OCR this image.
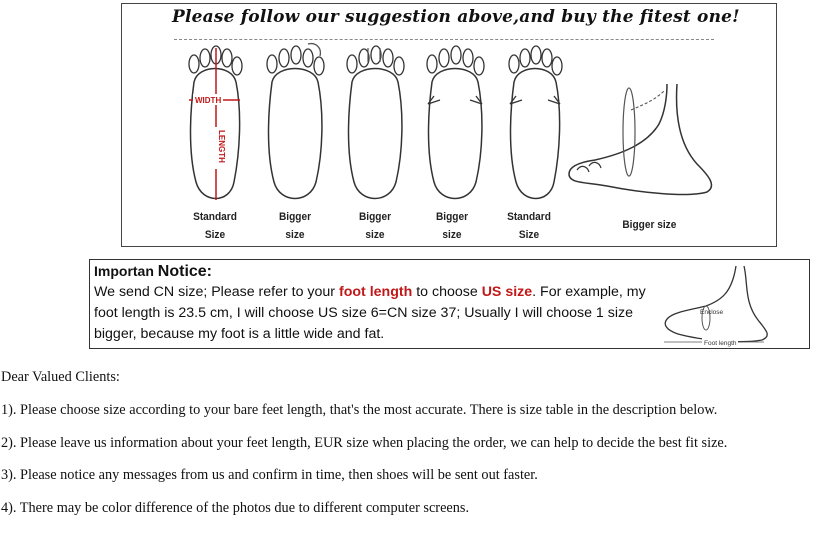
Please follow our suggestion above,and buy the fitest one!
WIDTH
LENGTH
Standard
Size
Bigger
size
Bigger
size
Bigger
size
Standard
Size
Bigger size
Importan Notice:
We send CN size; Please refer to your foot length to choose US size. For example, my foot length is 23.5 cm, I will choose US size 6=CN size 37; Usually I will choose 1 size bigger, because my foot is a little wide and fat.
Enclose
Foot length
Dear Valued Clients:
1). Please choose size according to your bare feet length, that's the most accurate. There is size table in the description below.
2). Please leave us information about your feet length, EUR size when placing the order, we can help to decide the best fit size.
3). Please notice any messages from us and confirm in time, then shoes will be sent out faster.
4). There may be color difference of the photos due to different computer screens.
